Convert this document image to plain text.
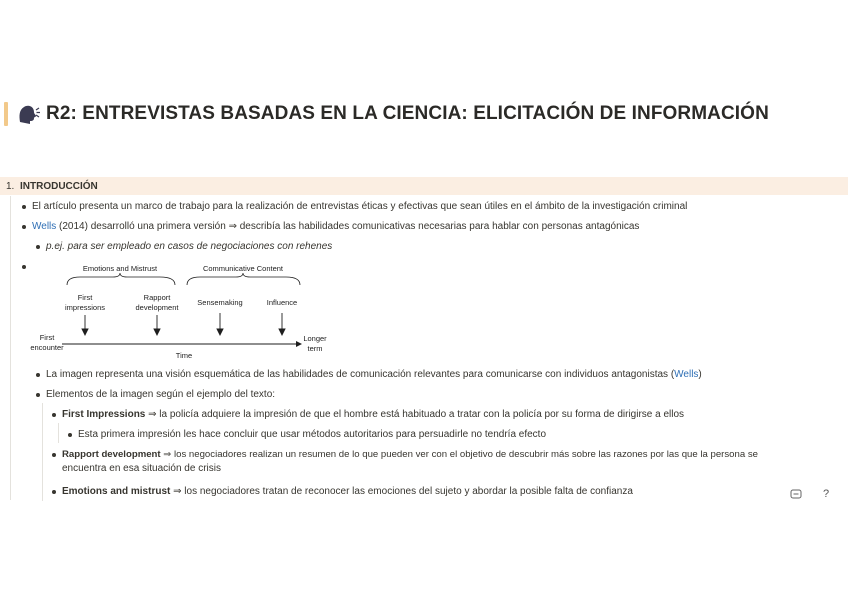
R2: ENTREVISTAS BASADAS EN LA CIENCIA: ELICITACIÓN DE INFORMACIÓN
1. INTRODUCCIÓN
El artículo presenta un marco de trabajo para la realización de entrevistas éticas y efectivas que sean útiles en el ámbito de la investigación criminal
Wells (2014) desarrolló una primera versión ⇒ describía las habilidades comunicativas necesarias para hablar con personas antagónicas
p.ej. para ser empleado en casos de negociaciones con rehenes
Emotions and Mistrust	Communicative Content
First
impressions
Rapport
development
Sensemaking	Influence
First
encounter
Longer
term
Time
La imagen representa una visión esquemática de las habilidades de comunicación relevantes para comunicarse con individuos antagonistas (Wells)
Elementos de la imagen según el ejemplo del texto:
First Impressions ⇒ la policía adquiere la impresión de que el hombre está habituado a tratar con la policía por su forma de dirigirse a ellos
Esta primera impresión les hace concluir que usar métodos autoritarios para persuadirle no tendría efecto
Rapport development ⇒ los negociadores realizan un resumen de lo que pueden ver con el objetivo de descubrir más sobre las razones por las que la persona se
encuentra en esa situación de crisis
Emotions and mistrust ⇒ los negociadores tratan de reconocer las emociones del sujeto y abordar la posible falta de confianza	?
